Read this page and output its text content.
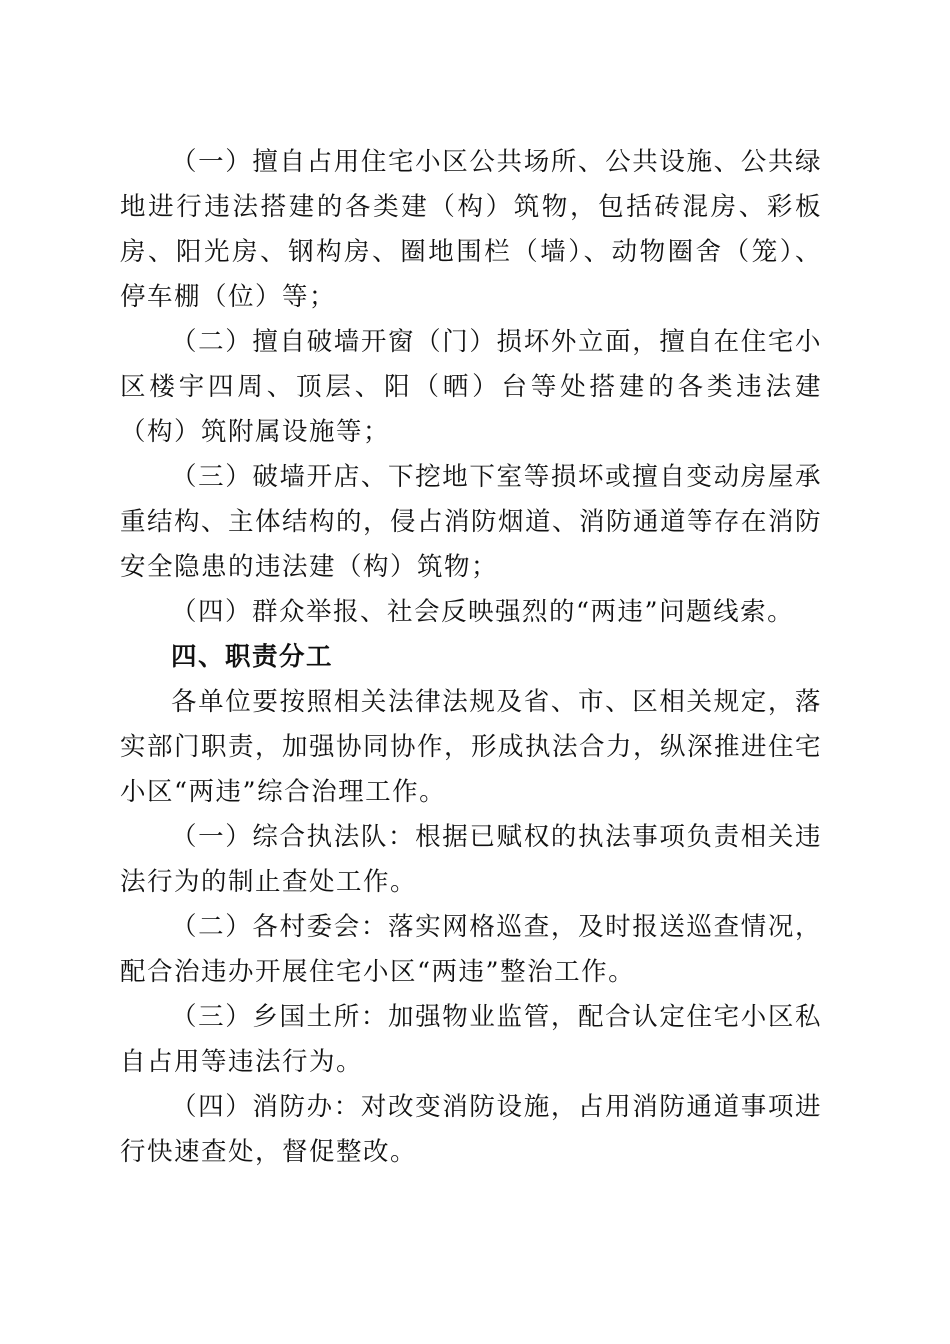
（一）擅自占用住宅小区公共场所、公共设施、公共绿地进行违法搭建的各类建（构）筑物，包括砖混房、彩板房、阳光房、钢构房、圈地围栏（墙）、动物圈舍（笼）、停车棚（位）等；

（二）擅自破墙开窗（门）损坏外立面，擅自在住宅小区楼宇四周、顶层、阳（晒）台等处搭建的各类违法建（构）筑附属设施等；

（三）破墙开店、下挖地下室等损坏或擅自变动房屋承重结构、主体结构的，侵占消防烟道、消防通道等存在消防安全隐患的违法建（构）筑物；

（四）群众举报、社会反映强烈的“两违”问题线索。

四、职责分工

各单位要按照相关法律法规及省、市、区相关规定，落实部门职责，加强协同协作，形成执法合力，纵深推进住宅小区“两违”综合治理工作。

（一）综合执法队：根据已赋权的执法事项负责相关违法行为的制止查处工作。

（二）各村委会：落实网格巡查，及时报送巡查情况，配合治违办开展住宅小区“两违”整治工作。

（三）乡国土所：加强物业监管，配合认定住宅小区私自占用等违法行为。

（四）消防办：对改变消防设施，占用消防通道事项进行快速查处，督促整改。
